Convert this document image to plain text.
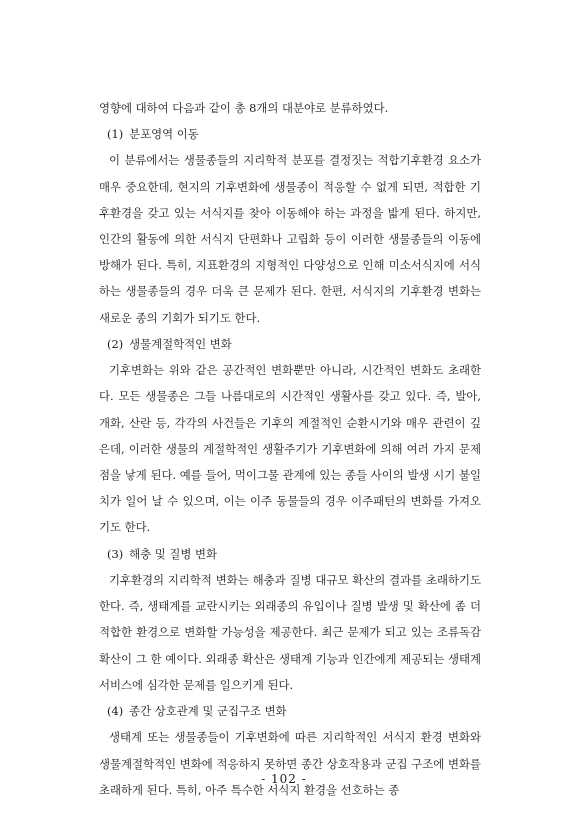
영향에 대하여 다음과 같이 총 8개의 대분야로 분류하였다.

(1) 분포영역 이동

이 분류에서는 생물종들의 지리학적 분포를 결정짓는 적합기후환경 요소가 매우 중요한데, 현지의 기후변화에 생물종이 적응할 수 없게 되면, 적합한 기후환경을 갖고 있는 서식지를 찾아 이동해야 하는 과정을 밟게 된다. 하지만, 인간의 활동에 의한 서식지 단편화나 고립화 등이 이러한 생물종들의 이동에 방해가 된다. 특히, 지표환경의 지형적인 다양성으로 인해 미소서식지에 서식하는 생물종들의 경우 더욱 큰 문제가 된다. 한편, 서식지의 기후환경 변화는 새로운 종의 기회가 되기도 한다.

(2) 생물계절학적인 변화

기후변화는 위와 같은 공간적인 변화뿐만 아니라, 시간적인 변화도 초래한다. 모든 생물종은 그들 나름대로의 시간적인 생활사를 갖고 있다. 즉, 발아, 개화, 산란 등, 각각의 사건들은 기후의 계절적인 순환시기와 매우 관련이 깊은데, 이러한 생물의 계절학적인 생활주기가 기후변화에 의해 여러 가지 문제점을 낳게 된다. 예를 들어, 먹이그물 관계에 있는 종들 사이의 발생 시기 불일치가 일어 날 수 있으며, 이는 이주 동물들의 경우 이주패턴의 변화를 가져오기도 한다.

(3) 해충 및 질병 변화

기후환경의 지리학적 변화는 해충과 질병 대규모 확산의 결과를 초래하기도 한다. 즉, 생태계를 교란시키는 외래종의 유입이나 질병 발생 및 확산에 좀 더 적합한 환경으로 변화할 가능성을 제공한다. 최근 문제가 되고 있는 조류독감 확산이 그 한 예이다. 외래종 확산은 생태계 기능과 인간에게 제공되는 생태계 서비스에 심각한 문제를 일으키게 된다.

(4) 종간 상호관계 및 군집구조 변화

생태계 또는 생물종들이 기후변화에 따른 지리학적인 서식지 환경 변화와 생물계절학적인 변화에 적응하지 못하면 종간 상호작용과 군집 구조에 변화를 초래하게 된다. 특히, 아주 특수한 서식지 환경을 선호하는 종

- 102 -
